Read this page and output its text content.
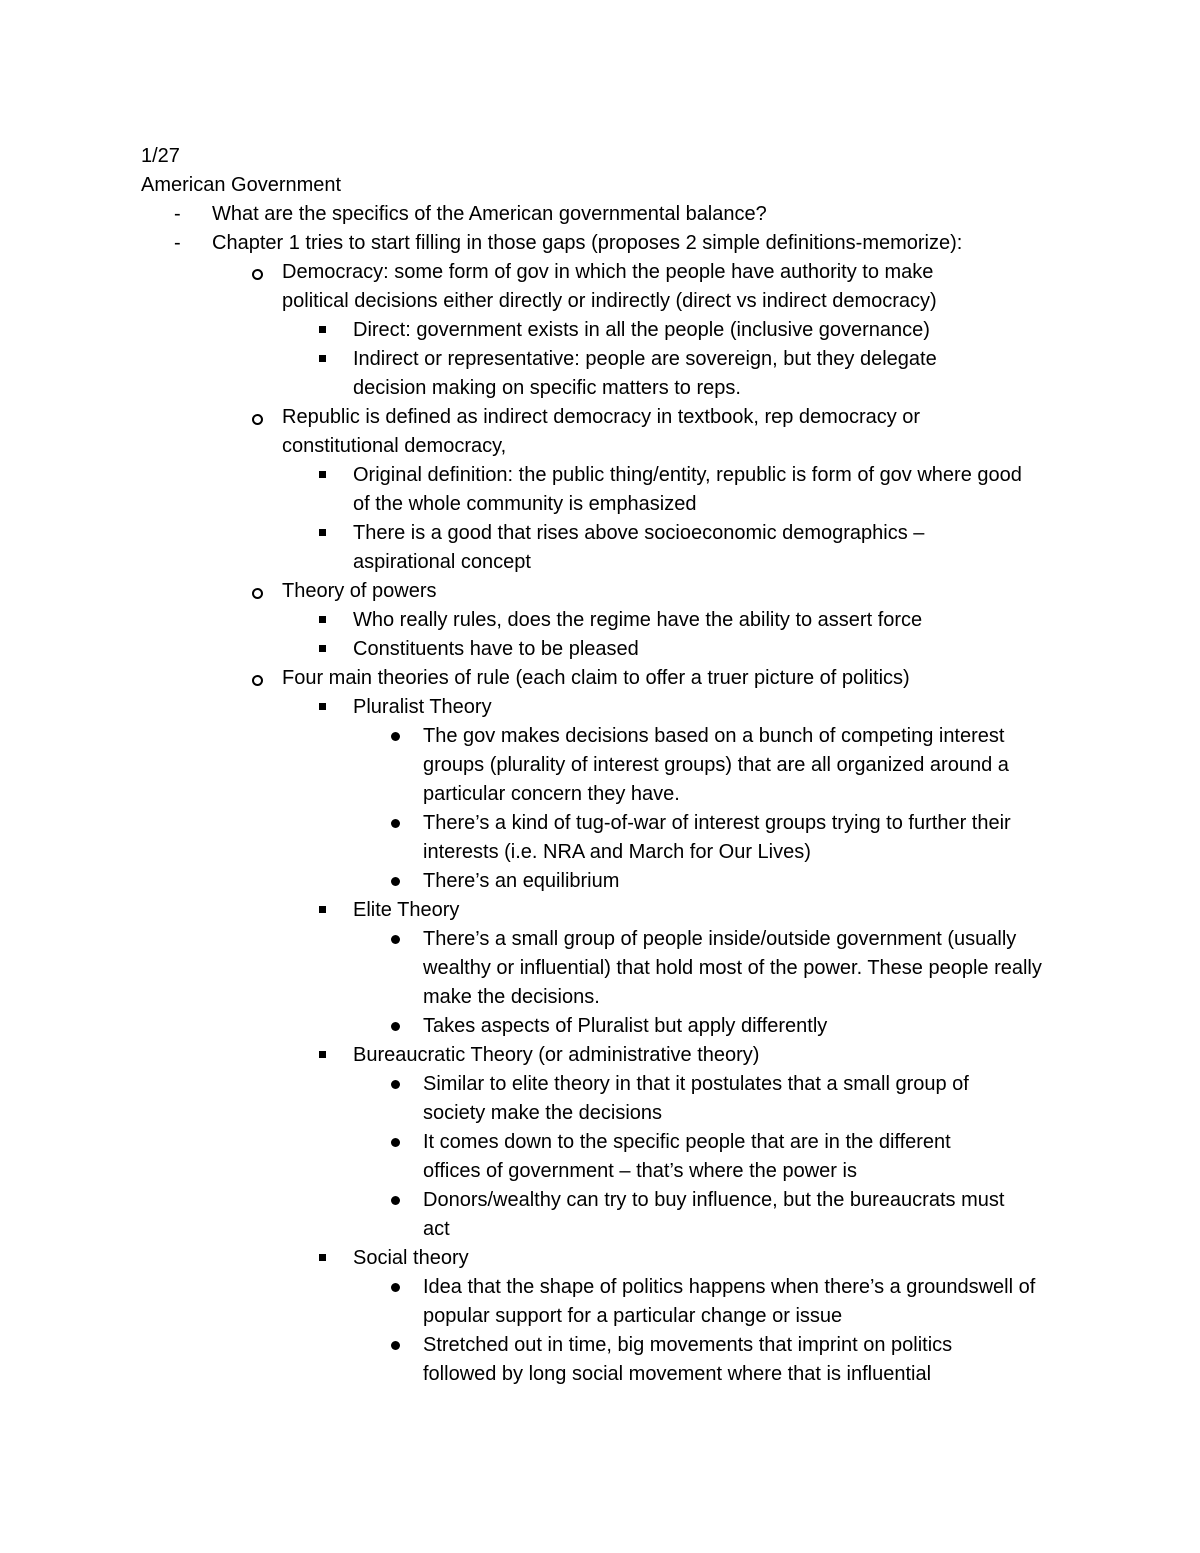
1/27
American Government
- What are the specifics of the American governmental balance?
- Chapter 1 tries to start filling in those gaps (proposes 2 simple definitions-memorize):
Democracy: some form of gov in which the people have authority to make political decisions either directly or indirectly (direct vs indirect democracy)
Direct: government exists in all the people (inclusive governance)
Indirect or representative: people are sovereign, but they delegate decision making on specific matters to reps.
Republic is defined as indirect democracy in textbook, rep democracy or constitutional democracy,
Original definition: the public thing/entity, republic is form of gov where good of the whole community is emphasized
There is a good that rises above socioeconomic demographics – aspirational concept
Theory of powers
Who really rules, does the regime have the ability to assert force
Constituents have to be pleased
Four main theories of rule (each claim to offer a truer picture of politics)
Pluralist Theory
The gov makes decisions based on a bunch of competing interest groups (plurality of interest groups) that are all organized around a particular concern they have.
There’s a kind of tug-of-war of interest groups trying to further their interests (i.e. NRA and March for Our Lives)
There’s an equilibrium
Elite Theory
There’s a small group of people inside/outside government (usually wealthy or influential) that hold most of the power. These people really make the decisions.
Takes aspects of Pluralist but apply differently
Bureaucratic Theory (or administrative theory)
Similar to elite theory in that it postulates that a small group of society make the decisions
It comes down to the specific people that are in the different offices of government – that’s where the power is
Donors/wealthy can try to buy influence, but the bureaucrats must act
Social theory
Idea that the shape of politics happens when there’s a groundswell of popular support for a particular change or issue
Stretched out in time, big movements that imprint on politics followed by long social movement where that is influential
